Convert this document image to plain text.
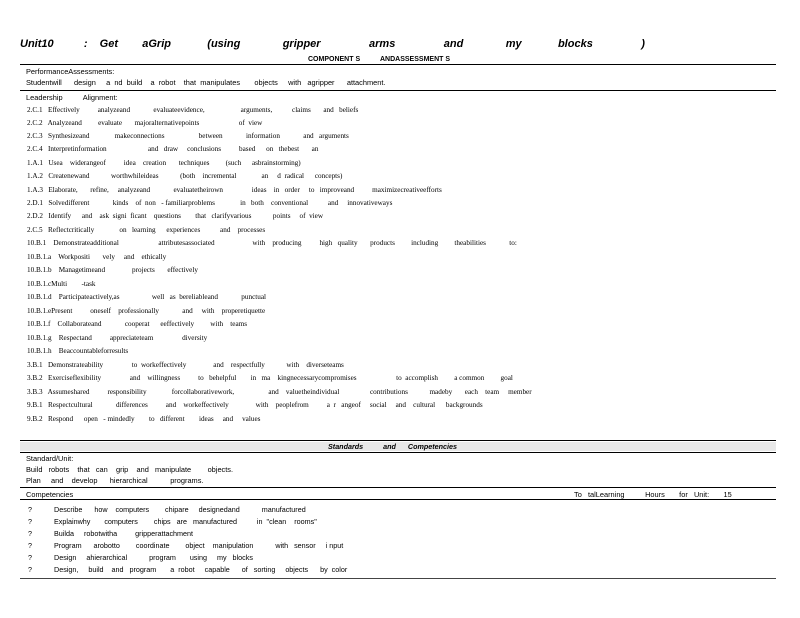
Unit10     :  Get    aGrip      (using       gripper        arms        and       my      blocks        )
COMPONENT S	ANDASSESSMENT S
PerformanceAssessments:
Studentwill      design     a  nd  build    a  robot    that  manipulates       objects     with   agripper      attachment.
Leadership          Alignment:
2.C.1   Effectively          analyzeand             evaluateevidence,                    arguments,           claims       and   beliefs
2.C.2   Analyzeand         evaluate       majoralternativepoints                      of  view
2.C.3   Synthesizeand              makeconnections                   between             information             and   arguments
2.C.4   Interpretinformation                       and   draw     conclusions          based      on   thebest       an
1.A.1   Usea    widerangeof          idea    creation       techniques         (such      asbrainstorming)
1.A.2   Createnewand            worthwhileideas            (both    incremental              an     d  radical      concepts)
1.A.3   Elaborate,       refine,     analyzeand             evaluatetheirown                ideas    in   order     to   improveand          maximizecreativeefforts
2.D.1   Solvedifferent             kinds    of  non   - familiarproblems              in   both    conventional           and     innovativeways
2.D.2   Identify      and    ask  signi  ficant    questions        that   clarifyvarious            points     of  view
2.C.5   Reflectcritically              on   learning      experiences           and    processes
10.B.1    Demonstrateadditional                      attributesassociated                     with    producing          high   quality       products         including         theabilities             to:
10.B.1.a    Workpositi       vely     and    ethically
10.B.1.b    Managetimeand               projects       effectively
10.B.1.cMulti        -task
10.B.1.d    Participateactively,as                  well   as  bereliableand             punctual
10.B.1.ePresent          oneself    professionally             and     with    properetiquette
10.B.1.f    Collaborateand             cooperat      eeffectively         with    teams
10.B.1.g    Respectand          appreciateteam                diversity
10.B.1.h    Beaccountableforresults
3.B.1   Demonstrateability                to  workeffectively               and    respectfully            with    diverseteams
3.B.2   Exerciseflexibility                and    willingness          to   behelpful        in   ma    kingnecessarycompromises                      to  accomplish         a common         goal
3.B.3   Assumeshared          responsibility              forcollaborativework,                   and    valuetheindividual                 contributions            madeby       each    team     member
9.B.1   Respectcultural             differences          and    workeffectively               with    peoplefrom          a  r   angeof     social     and    cultural      backgrounds
9.B.2   Respond      open   - mindedly        to   different        ideas     and     values
Standards          and      Competencies
Standard/Unit:
Build   robots    that   can    grip    and   manipulate        objects.
Plan     and    develop      hierarchical           programs.
Competencies	To   talLearning          Hours       for   Unit:       15
?	Describe      how    computers        chipare     designedand           manufactured
?	Explainwhy       computers        chips   are   manufactured          in  "clean    rooms"
?	Builda     robotwitha         gripperattachment
?	Program      arobotto        coordinate        object    manipulation           with   sensor     i nput
?	Design     ahierarchical           program       using     my   blocks
?	Design,     build    and   program       a  robot     capable      of   sorting     objects      by  color
